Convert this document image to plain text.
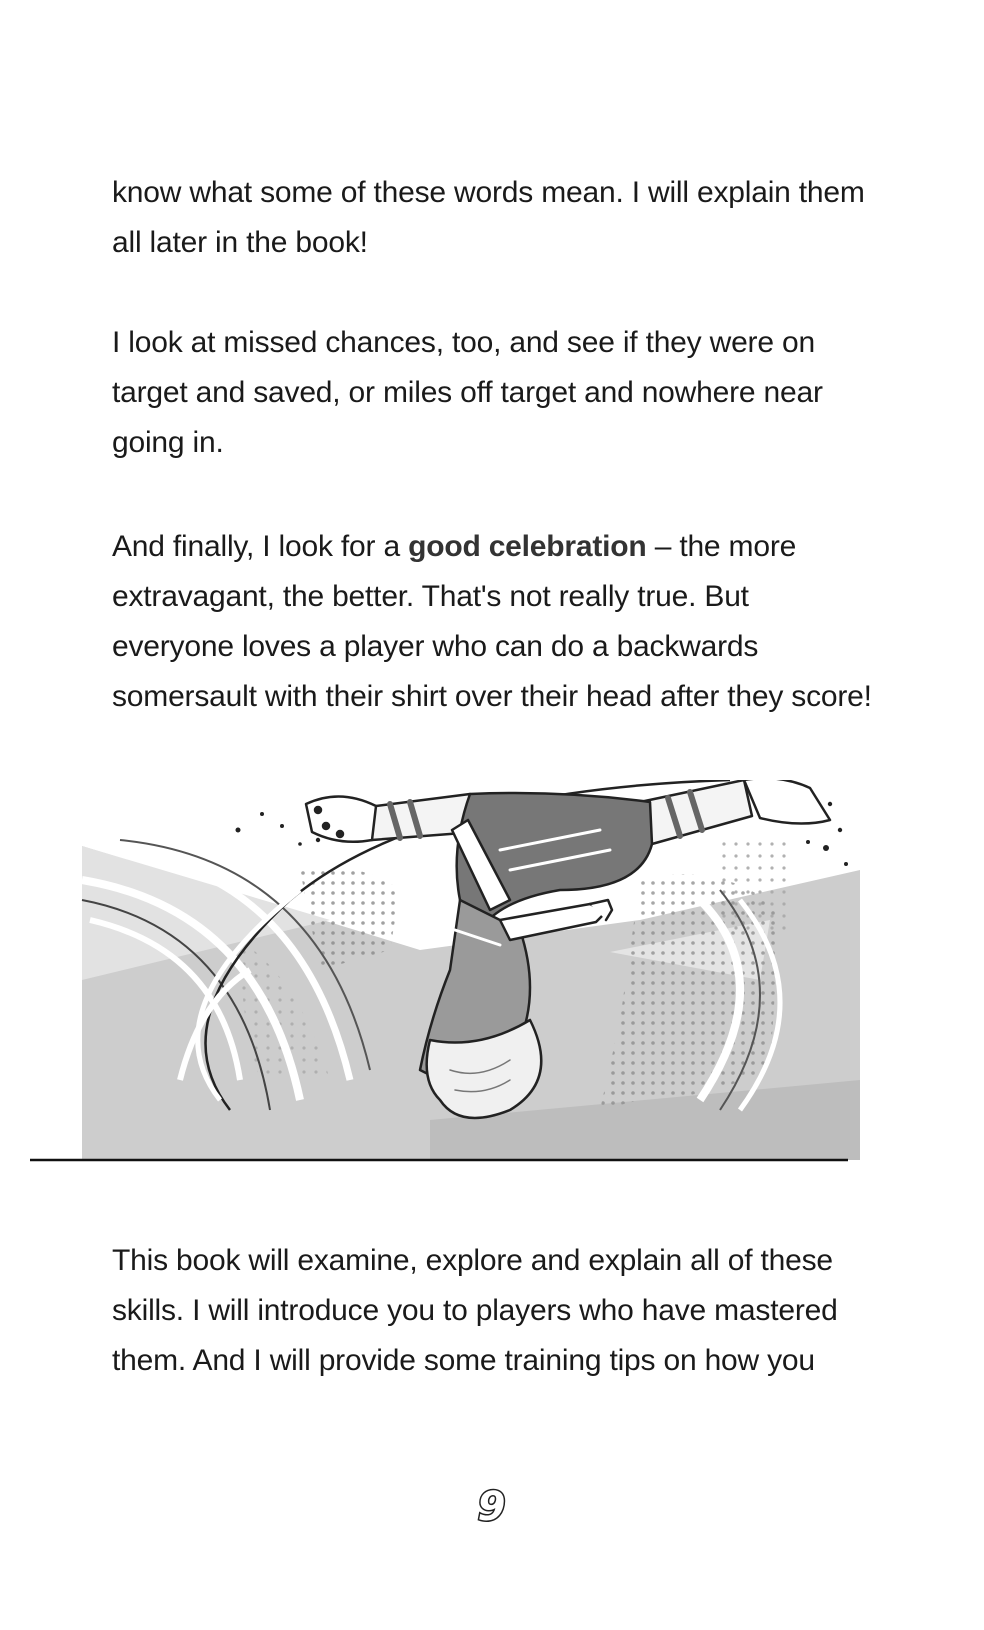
know what some of these words mean. I will explain them all later in the book!

I look at missed chances, too, and see if they were on target and saved, or miles off target and nowhere near going in.

And finally, I look for a good celebration – the more extravagant, the better. That's not really true. But everyone loves a player who can do a backwards somersault with their shirt over their head after they score!

This book will examine, explore and explain all of these skills. I will introduce you to players who have mastered them. And I will provide some training tips on how you

9
